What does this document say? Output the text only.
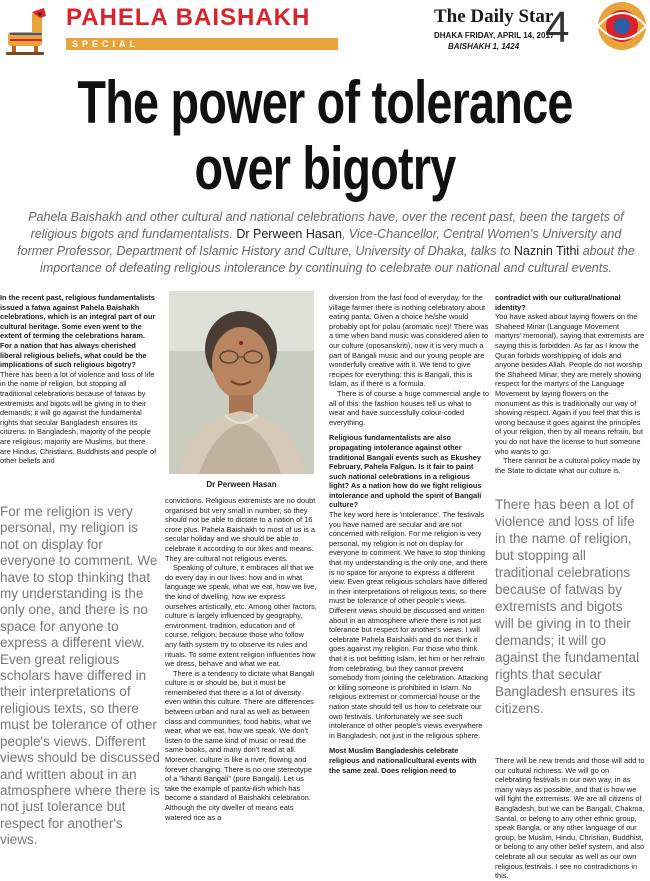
PAHELA BAISHAKH
SPECIAL
The Daily Star
DHAKA FRIDAY, APRIL 14, 2017
BAISHAKH 1, 1424 4
The power of tolerance
over bigotry
Pahela Baishakh and other cultural and national celebrations have, over the recent past, been the targets of religious bigots and fundamentalists. Dr Perween Hasan, Vice-Chancellor, Central Women's University and former Professor, Department of Islamic History and Culture, University of Dhaka, talks to Naznin Tithi about the importance of defeating religious intolerance by continuing to celebrate our national and cultural events.

In the recent past, religious fundamentalists issued a fatwa against Pahela Baishakh celebrations, which is an integral part of our cultural heritage. Some even went to the extent of terming the celebrations haram. For a nation that has always cherished liberal religious beliefs, what could be the implications of such religious bigotry?

There has been a lot of violence and loss of life in the name of religion, but stopping all traditional celebrations because of fatwas by extremists and bigots will be giving in to their demands; it will go against the fundamental rights that secular Bangladesh ensures its citizens. In Bangladesh, majority of the people are religious; majority are Muslims, but there are Hindus, Christians, Buddhists and people of other beliefs and

Dr Perween Hasan

convictions. Religious extremists are no doubt organised but very small in number, so they should not be able to dictate to a nation of 16 crore plus. Pahela Baishakh to most of us is a secular holiday and we should be able to celebrate it according to our likes and means. They are cultural not religious events.

Speaking of culture, it embraces all that we do every day in our lives: how and in what language we speak, what we eat, how we live, the kind of dwelling, how we express ourselves artistically, etc. Among other factors, culture is largely influenced by geography, environment, tradition, education and of course, religion; because those who follow any faith system try to observe its rules and rituals. To some extent religion influences how we dress, behave and what we eat.

There is a tendency to dictate what Bangali culture is or should be, but it must be remembered that there is a lot of diversity even within this culture. There are differences between urban and rural as well as between class and communities, food habits, what we wear, what we eat, how we speak. We don't listen to the same kind of music or read the same books, and many don't read at all. Moreover, culture is like a river, flowing and forever changing. There is no one stereotype of a "khanti Bangali" (pure Bangali). Let us take the example of panta-ilish which has become a standard of Baishakhi celebration. Although the city dweller of means eats watered rice as a

diversion from the fast food of everyday, for the village farmer there is nothing celebratory about eating panta. Given a choice he/she would probably opt for polau (aromatic rice)! There was a time when band music was considered alien to our culture (oposanskriti), now it is very much a part of Bangali music and our young people are wonderfully creative with it. We tend to give recipes for everything: this is Bangali, this is Islam, as if there is a formula.

There is of course a huge commercial angle to all of this: the fashion houses tell us what to wear and have successfully colour-coded everything.

Religious fundamentalists are also propagating intolerance against other traditional Bangali events such as Ekushey February, Pahela Falgun. Is it fair to paint such national celebrations in a religious light? As a nation how do we fight religious intolerance and uphold the spirit of Bangali culture?

The key word here is 'intolerance'. The festivals you have named are secular and are not concerned with religion. For me religion is very personal, my religion is not on display for everyone to comment. We have to stop thinking that my understanding is the only one, and there is no space for anyone to express a different view. Even great religious scholars have differed in their interpretations of religious texts, so there must be tolerance of other people's views. Different views should be discussed and written about in an atmosphere where there is not just tolerance but respect for another's views. I will celebrate Pahela Baishakh and do not think it goes against my religion. For those who think that it is not befitting Islam, let him or her refrain from celebrating, but they cannot prevent somebody from joining the celebration. Attacking or killing someone is prohibited in Islam. No religious extremist or commercial house or the nation state should tell us how to celebrate our own festivals. Unfortunately we see such intolerance of other people's views everywhere in Bangladesh, not just in the religious sphere.

Most Muslim Bangladeshis celebrate religious and national/cultural events with the same zeal. Does religion need to

contradict with our cultural/national identity?

You have asked about laying flowers on the Shaheed Minar (Language Movement martyrs' memorial), saying that extremists are saying this is forbidden. As far as I know the Quran forbids worshipping of idols and anyone besides Allah. People do not worship the Shaheed Minar, they are merely showing respect for the martyrs of the Language Movement by laying flowers on the monument as this is traditionally our way of showing respect. Again if you feel that this is wrong because it goes against the principles of your religion, then by all means refrain, but you do not have the license to hurt someone who wants to go.

There cannot be a cultural policy made by the State to dictate what our culture is.

There will be new trends and those will add to our cultural richness. We will go on celebrating festivals in our own way, in as many ways as possible, and that is how we will fight the extremists. We are all citizens of Bangladesh, but we can be Bangali, Chakma, Santal, or belong to any other ethnic group, speak Bangla, or any other language of our group, be Muslim, Hindu, Christian, Buddhist, or belong to any other belief system, and also celebrate all our secular as well as our own religious festivals. I see no contradictions in this.

For me religion is very personal, my religion is not on display for everyone to comment. We have to stop thinking that my understanding is the only one, and there is no space for anyone to express a different view. Even great religious scholars have differed in their interpretations of religious texts, so there must be tolerance of other people's views. Different views should be discussed and written about in an atmosphere where there is not just tolerance but respect for another's views.
There has been a lot of violence and loss of life in the name of religion, but stopping all traditional celebrations because of fatwas by extremists and bigots will be giving in to their demands; it will go against the fundamental rights that secular Bangladesh ensures its citizens.
